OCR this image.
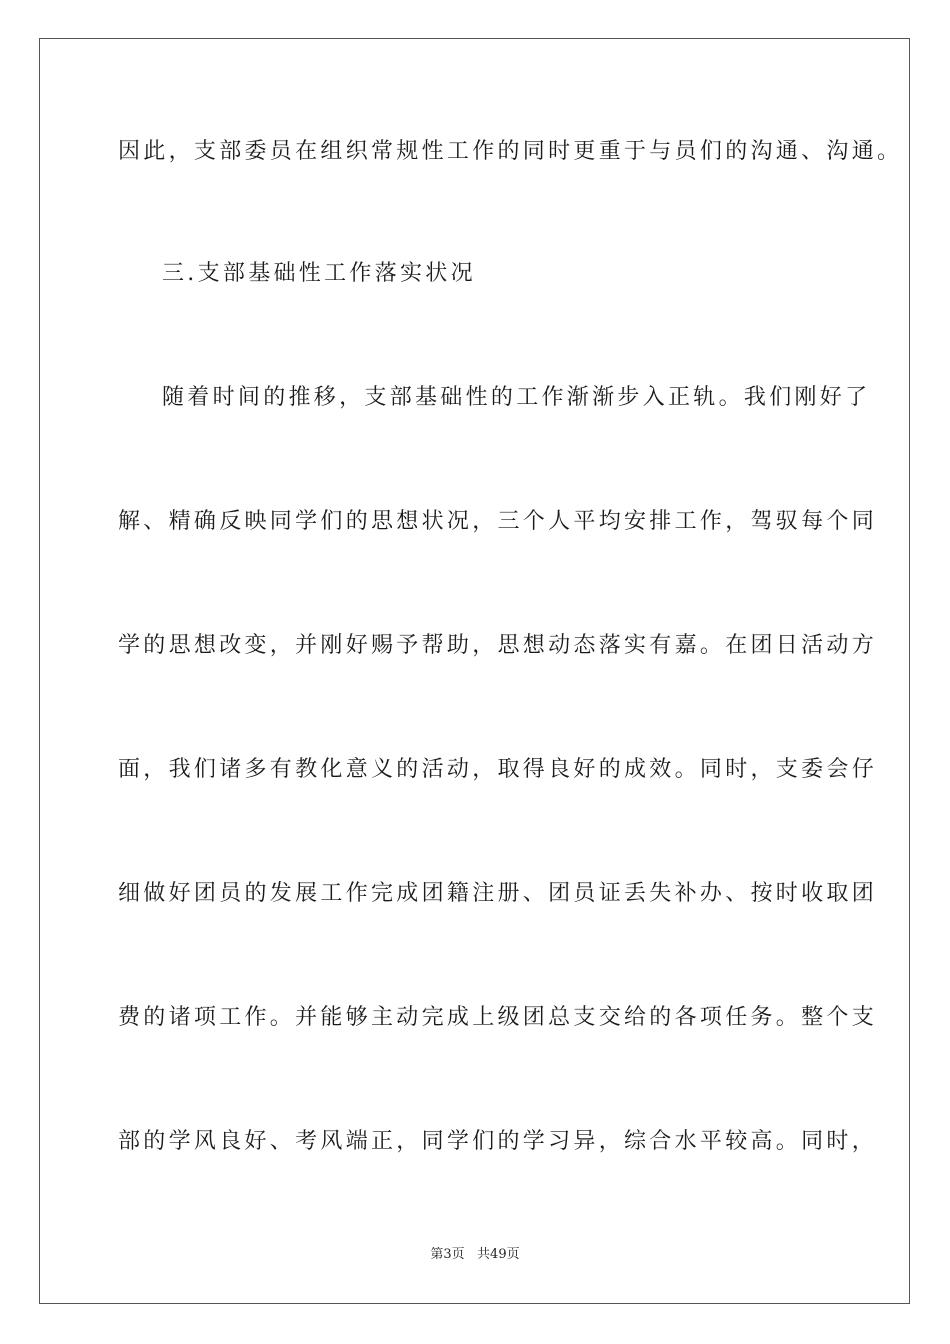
因此，支部委员在组织常规性工作的同时更重于与员们的沟通、沟通。
三.支部基础性工作落实状况
随着时间的推移，支部基础性的工作渐渐步入正轨。我们刚好了
解、精确反映同学们的思想状况，三个人平均安排工作，驾驭每个同
学的思想改变，并刚好赐予帮助，思想动态落实有嘉。在团日活动方
面，我们诸多有教化意义的活动，取得良好的成效。同时，支委会仔
细做好团员的发展工作完成团籍注册、团员证丢失补办、按时收取团
费的诸项工作。并能够主动完成上级团总支交给的各项任务。整个支
部的学风良好、考风端正，同学们的学习异，综合水平较高。同时，
第3页   共49页
